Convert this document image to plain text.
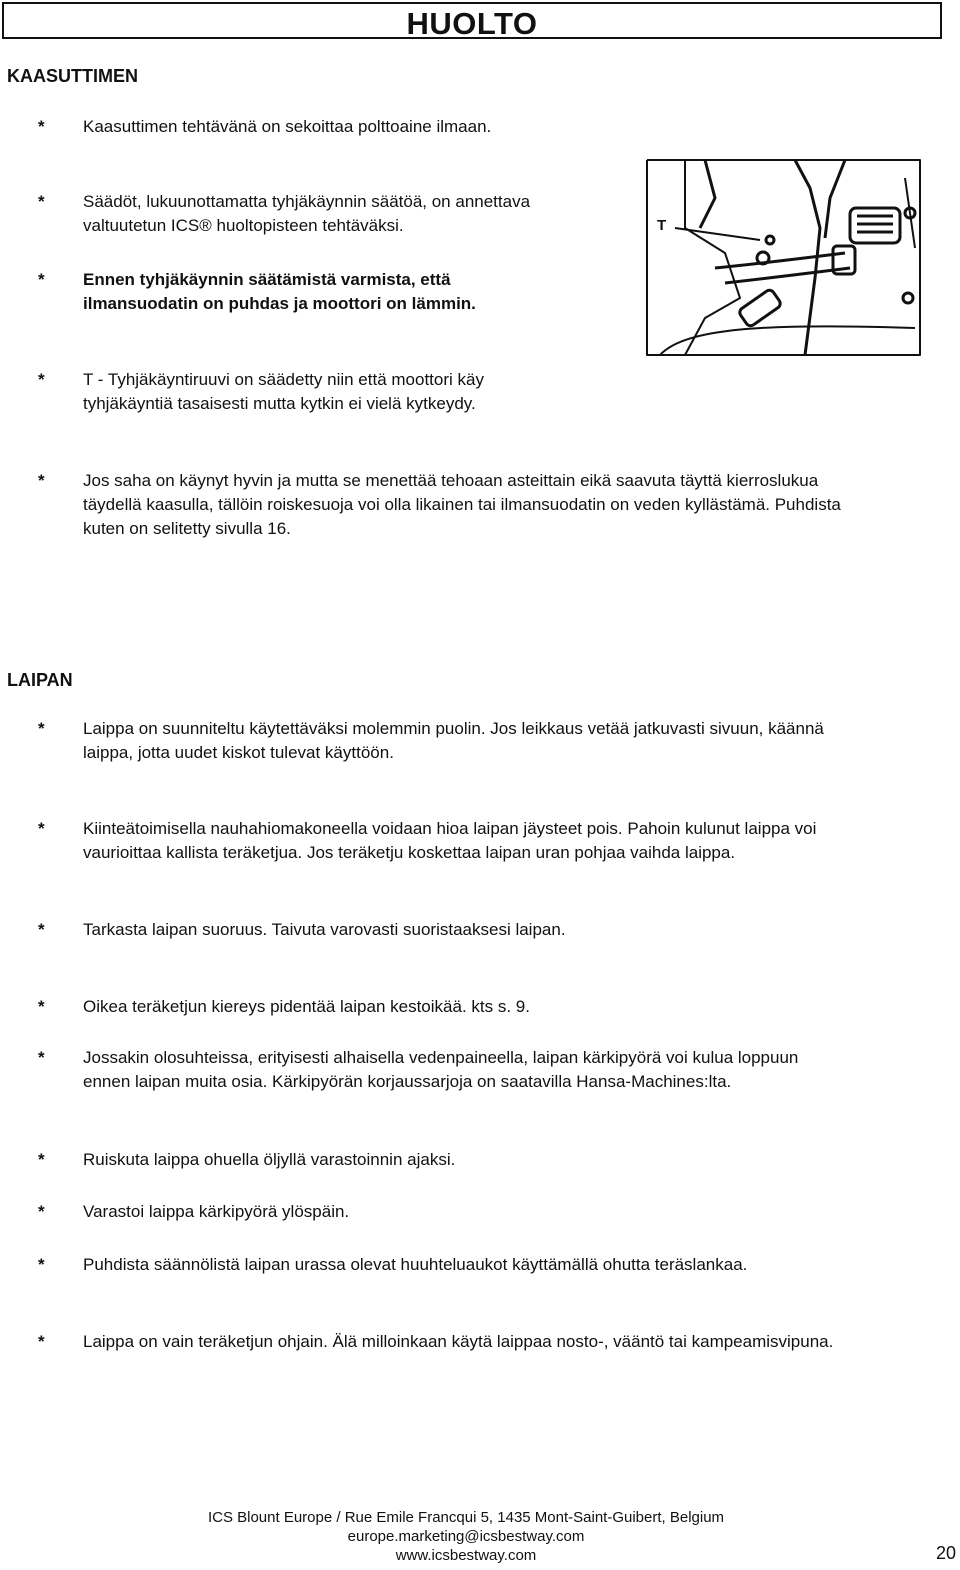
HUOLTO
KAASUTTIMEN
*	Kaasuttimen tehtävänä on sekoittaa polttoaine ilmaan.
*	Säädöt, lukuunottamatta tyhjäkäynnin säätöä, on annettava
valtuutetun ICS® huoltopisteen tehtäväksi.
*	Ennen tyhjäkäynnin säätämistä varmista, että
ilmansuodatin on puhdas ja moottori on lämmin.
*	T - Tyhjäkäyntiruuvi on säädetty niin että moottori käy
tyhjäkäyntiä tasaisesti mutta kytkin ei vielä kytkeydy.
*	Jos saha on käynyt hyvin ja mutta se menettää tehoaan asteittain eikä saavuta täyttä kierroslukua
täydellä kaasulla, tällöin roiskesuoja voi olla likainen tai ilmansuodatin on veden kyllästämä. Puhdista
kuten on selitetty sivulla 16.
T
LAIPAN
*	Laippa on suunniteltu käytettäväksi molemmin puolin. Jos leikkaus vetää jatkuvasti sivuun, käännä
laippa, jotta uudet kiskot tulevat käyttöön.
*	Kiinteätoimisella nauhahiomakoneella voidaan hioa laipan jäysteet pois. Pahoin kulunut laippa voi
vaurioittaa kallista teräketjua. Jos teräketju koskettaa laipan uran pohjaa vaihda laippa.
*	Tarkasta laipan suoruus. Taivuta varovasti suoristaaksesi laipan.
*	Oikea teräketjun kiereys pidentää laipan kestoikää. kts s. 9.
*	Jossakin olosuhteissa, erityisesti alhaisella vedenpaineella, laipan kärkipyörä voi kulua loppuun
ennen laipan muita osia. Kärkipyörän korjaussarjoja on saatavilla Hansa-Machines:lta.
*	Ruiskuta laippa ohuella öljyllä varastoinnin ajaksi.
*	Varastoi laippa kärkipyörä ylöspäin.
*	Puhdista säännölistä laipan urassa olevat huuhteluaukot käyttämällä ohutta teräslankaa.
*	Laippa on vain teräketjun ohjain. Älä milloinkaan käytä laippaa nosto-, vääntö tai kampeamisvipuna.
ICS Blount Europe / Rue Emile Francqui 5, 1435 Mont-Saint-Guibert, Belgium
europe.marketing@icsbestway.com
www.icsbestway.com	20
